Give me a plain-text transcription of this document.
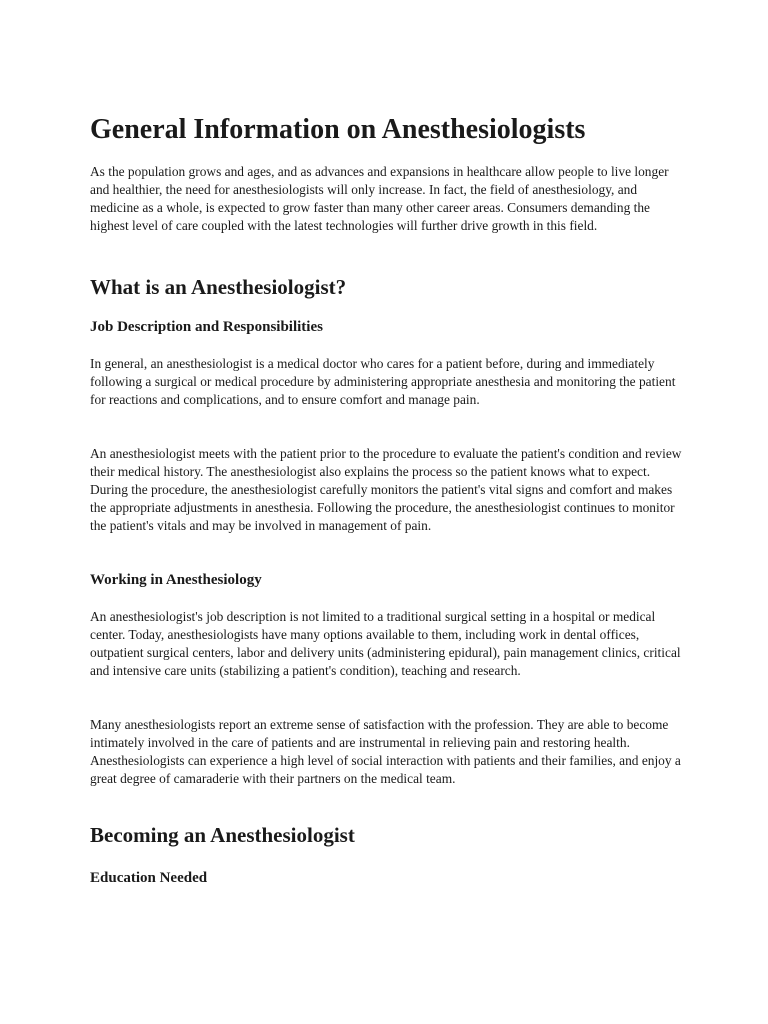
General Information on Anesthesiologists

As the population grows and ages, and as advances and expansions in healthcare allow people to live longer and healthier, the need for anesthesiologists will only increase. In fact, the field of anesthesiology, and medicine as a whole, is expected to grow faster than many other career areas. Consumers demanding the highest level of care coupled with the latest technologies will further drive growth in this field.

What is an Anesthesiologist?
Job Description and Responsibilities

In general, an anesthesiologist is a medical doctor who cares for a patient before, during and immediately following a surgical or medical procedure by administering appropriate anesthesia and monitoring the patient for reactions and complications, and to ensure comfort and manage pain.

An anesthesiologist meets with the patient prior to the procedure to evaluate the patient's condition and review their medical history. The anesthesiologist also explains the process so the patient knows what to expect. During the procedure, the anesthesiologist carefully monitors the patient's vital signs and comfort and makes the appropriate adjustments in anesthesia. Following the procedure, the anesthesiologist continues to monitor the patient's vitals and may be involved in management of pain.

Working in Anesthesiology

An anesthesiologist's job description is not limited to a traditional surgical setting in a hospital or medical center. Today, anesthesiologists have many options available to them, including work in dental offices, outpatient surgical centers, labor and delivery units (administering epidural), pain management clinics, critical and intensive care units (stabilizing a patient's condition), teaching and research.

Many anesthesiologists report an extreme sense of satisfaction with the profession. They are able to become intimately involved in the care of patients and are instrumental in relieving pain and restoring health. Anesthesiologists can experience a high level of social interaction with patients and their families, and enjoy a great degree of camaraderie with their partners on the medical team.

Becoming an Anesthesiologist
Education Needed
